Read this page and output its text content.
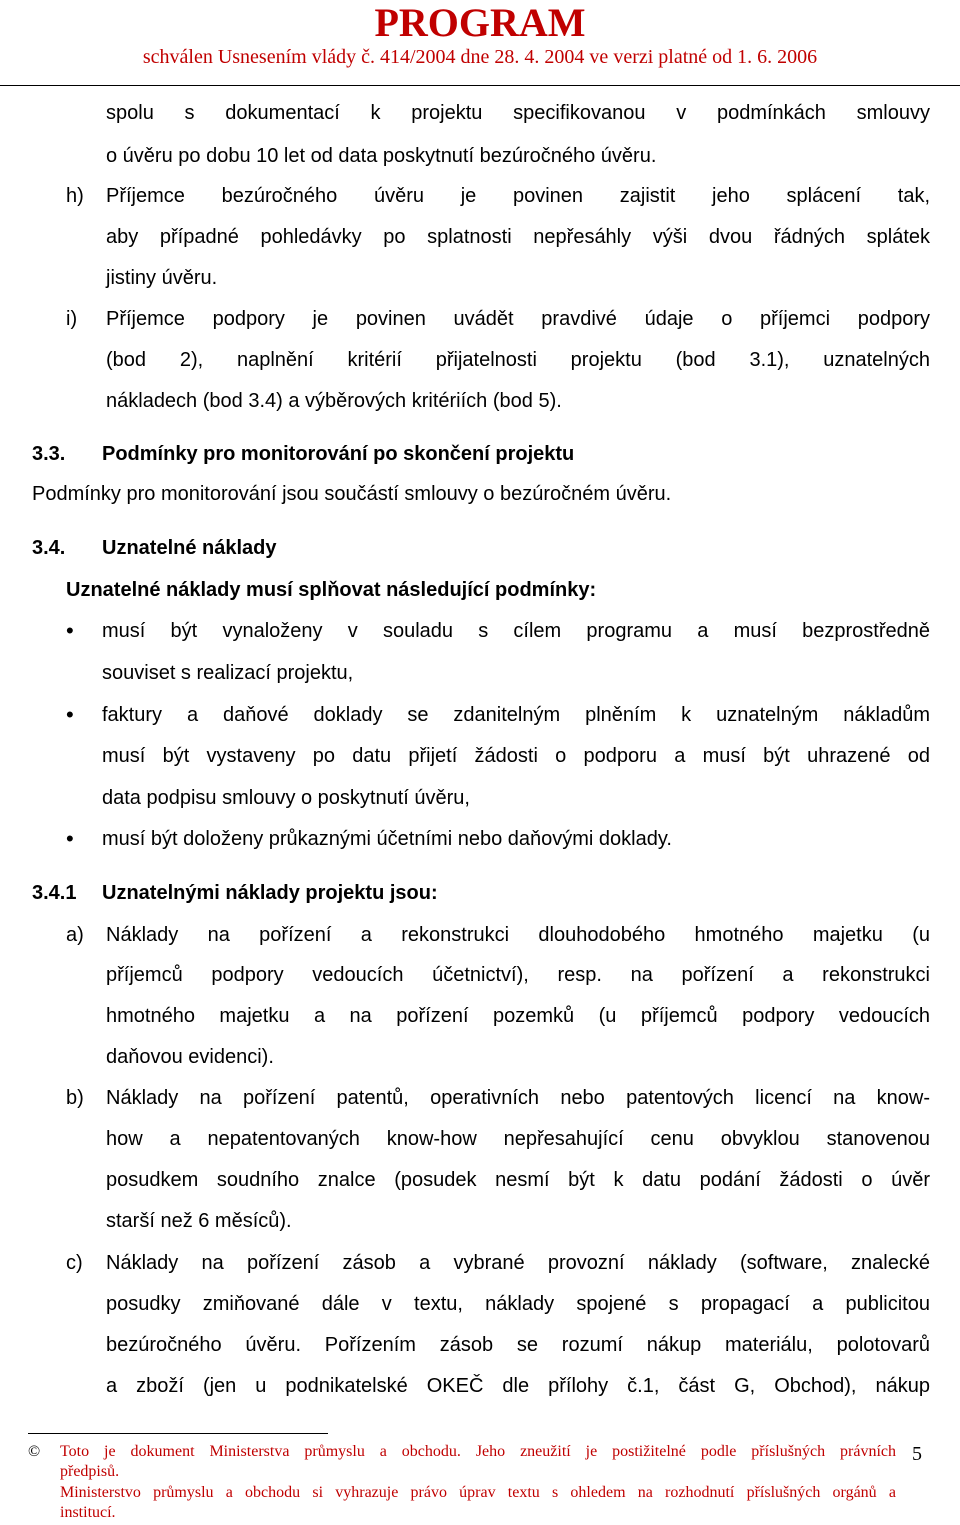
PROGRAM
schválen Usnesením vlády č. 414/2004 dne 28. 4. 2004 ve verzi platné od 1. 6. 2006
spolu s dokumentací k projektu specifikovanou v podmínkách smlouvy
o úvěru po dobu 10 let od data poskytnutí bezúročného úvěru.
h) Příjemce bezúročného úvěru je povinen zajistit jeho splácení tak,
aby případné pohledávky po splatnosti nepřesáhly výši dvou řádných splátek
jistiny úvěru.
i) Příjemce podpory je povinen uvádět pravdivé údaje o příjemci podpory
(bod 2), naplnění kritérií přijatelnosti projektu (bod 3.1), uznatelných
nákladech (bod 3.4) a výběrových kritériích (bod 5).
3.3. Podmínky pro monitorování po skončení projektu
Podmínky pro monitorování jsou součástí smlouvy o bezúročném úvěru.
3.4. Uznatelné náklady
Uznatelné náklady musí splňovat následující podmínky:
• musí být vynaloženy v souladu s cílem programu a musí bezprostředně
souviset s realizací projektu,
• faktury a daňové doklady se zdanitelným plněním k uznatelným nákladům
musí být vystaveny po datu přijetí žádosti o podporu a musí být uhrazené od
data podpisu smlouvy o poskytnutí úvěru,
• musí být doloženy průkaznými účetními nebo daňovými doklady.
3.4.1 Uznatelnými náklady projektu jsou:
a) Náklady na pořízení a rekonstrukci dlouhodobého hmotného majetku (u
příjemců podpory vedoucích účetnictví), resp. na pořízení a rekonstrukci
hmotného majetku a na pořízení pozemků (u příjemců podpory vedoucích
daňovou evidenci).
b) Náklady na pořízení patentů, operativních nebo patentových licencí na know-
how a nepatentovaných know-how nepřesahující cenu obvyklou stanovenou
posudkem soudního znalce (posudek nesmí být k datu podání žádosti o úvěr
starší než 6 měsíců).
c) Náklady na pořízení zásob a vybrané provozní náklady (software, znalecké
posudky zmiňované dále v textu, náklady spojené s propagací a publicitou
bezúročného úvěru. Pořízením zásob se rozumí nákup materiálu, polotovarů
a zboží (jen u podnikatelské OKEČ dle přílohy č.1, část G, Obchod), nákup
© Toto je dokument Ministerstva průmyslu a obchodu. Jeho zneužití je postižitelné podle příslušných právních
předpisů.
Ministerstvo průmyslu a obchodu si vyhrazuje právo úprav textu s ohledem na rozhodnutí příslušných orgánů a
institucí.
5
